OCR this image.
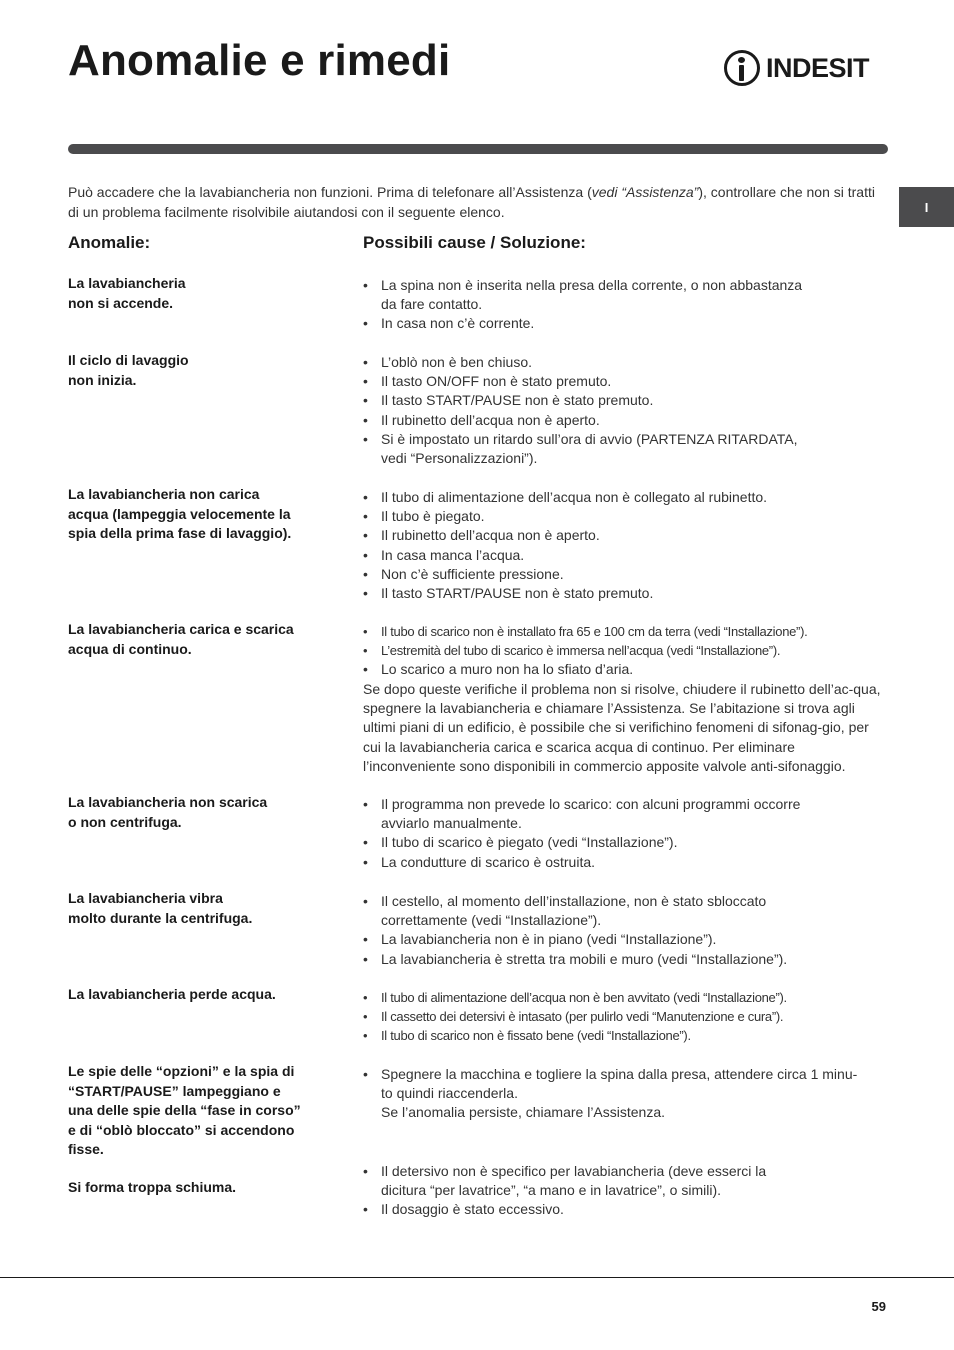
Anomalie e rimedi	INDESIT
I

Può accadere che la lavabiancheria non funzioni. Prima di telefonare all’Assistenza (vedi “Assistenza”), controllare che non si tratti di un problema facilmente risolvibile aiutandosi con il seguente elenco.

Anomalie:	Possibili cause / Soluzione:

La lavabiancheria
non si accende.

• La spina non è inserita nella presa della corrente, o non abbastanza
da fare contatto.
• In casa non c’è corrente.

Il ciclo di lavaggio
non inizia.

• L’oblò non è ben chiuso.
• Il tasto ON/OFF non è stato premuto.
• Il tasto START/PAUSE non è stato premuto.
• Il rubinetto dell’acqua non è aperto.
• Si è impostato un ritardo sull’ora di avvio (PARTENZA RITARDATA,
vedi “Personalizzazioni”).

La lavabiancheria non carica
acqua (lampeggia velocemente la
spia della prima fase di lavaggio).

• Il tubo di alimentazione dell’acqua non è collegato al rubinetto.
• Il tubo è piegato.
• Il rubinetto dell’acqua non è aperto.
• In casa manca l’acqua.
• Non c’è sufficiente pressione.
• Il tasto START/PAUSE non è stato premuto.

La lavabiancheria carica e scarica
acqua di continuo.

• Il tubo di scarico non è installato fra 65 e 100 cm da terra (vedi “Installazione”).
• L’estremità del tubo di scarico è immersa nell’acqua (vedi “Installazione”).
• Lo scarico a muro non ha lo sfiato d’aria.

Se dopo queste verifiche il problema non si risolve, chiudere il rubinetto dell’ac-qua, spegnere la lavabiancheria e chiamare l’Assistenza. Se l’abitazione si trova agli ultimi piani di un edificio, è possibile che si verifichino fenomeni di sifonag-gio, per cui la lavabiancheria carica e scarica acqua di continuo. Per eliminare l’inconveniente sono disponibili in commercio apposite valvole anti-sifonaggio.

La lavabiancheria non scarica
o non centrifuga.

• Il programma non prevede lo scarico: con alcuni programmi occorre
avviarlo manualmente.
• Il tubo di scarico è piegato (vedi “Installazione”).
• La condutture di scarico è ostruita.

La lavabiancheria vibra
molto durante la centrifuga.

• Il cestello, al momento dell’installazione, non è stato sbloccato
correttamente (vedi “Installazione”).
• La lavabiancheria non è in piano (vedi “Installazione”).
• La lavabiancheria è stretta tra mobili e muro (vedi “Installazione”).

La lavabiancheria perde acqua.	• Il tubo di alimentazione dell’acqua non è ben avvitato (vedi “Installazione”).
• Il cassetto dei detersivi è intasato (per pulirlo vedi “Manutenzione e cura”).
• Il tubo di scarico non è fissato bene (vedi “Installazione”).

Le spie delle “opzioni” e la spia di
“START/PAUSE” lampeggiano e
una delle spie della “fase in corso”
e di “oblò bloccato” si accendono
fisse.

• Spegnere la macchina e togliere la spina dalla presa, attendere circa 1 minu-
to quindi riaccenderla.
Se l’anomalia persiste, chiamare l’Assistenza.

Si forma troppa schiuma.

• Il detersivo non è specifico per lavabiancheria (deve esserci la
dicitura “per lavatrice”, “a mano e in lavatrice”, o simili).
• Il dosaggio è stato eccessivo.
59
